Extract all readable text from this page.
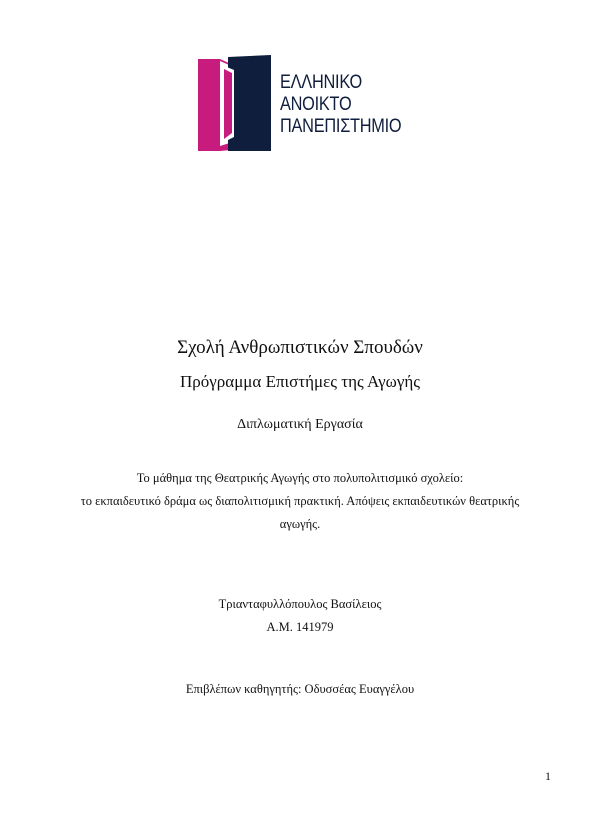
ΕΛΛΗΝΙΚΟ
ΑΝΟΙΚΤΟ
ΠΑΝΕΠΙΣΤΗΜΙΟ
Σχολή Ανθρωπιστικών Σπουδών
Πρόγραμμα Επιστήμες της Αγωγής
Διπλωματική Εργασία
Το μάθημα της Θεατρικής Αγωγής στο πολυπολιτισμικό σχολείο:
το εκπαιδευτικό δράμα ως διαπολιτισμική πρακτική. Απόψεις εκπαιδευτικών θεατρικής
αγωγής.
Τριανταφυλλόπουλος Βασίλειος
Α.Μ. 141979
Επιβλέπων καθηγητής: Οδυσσέας Ευαγγέλου
1
